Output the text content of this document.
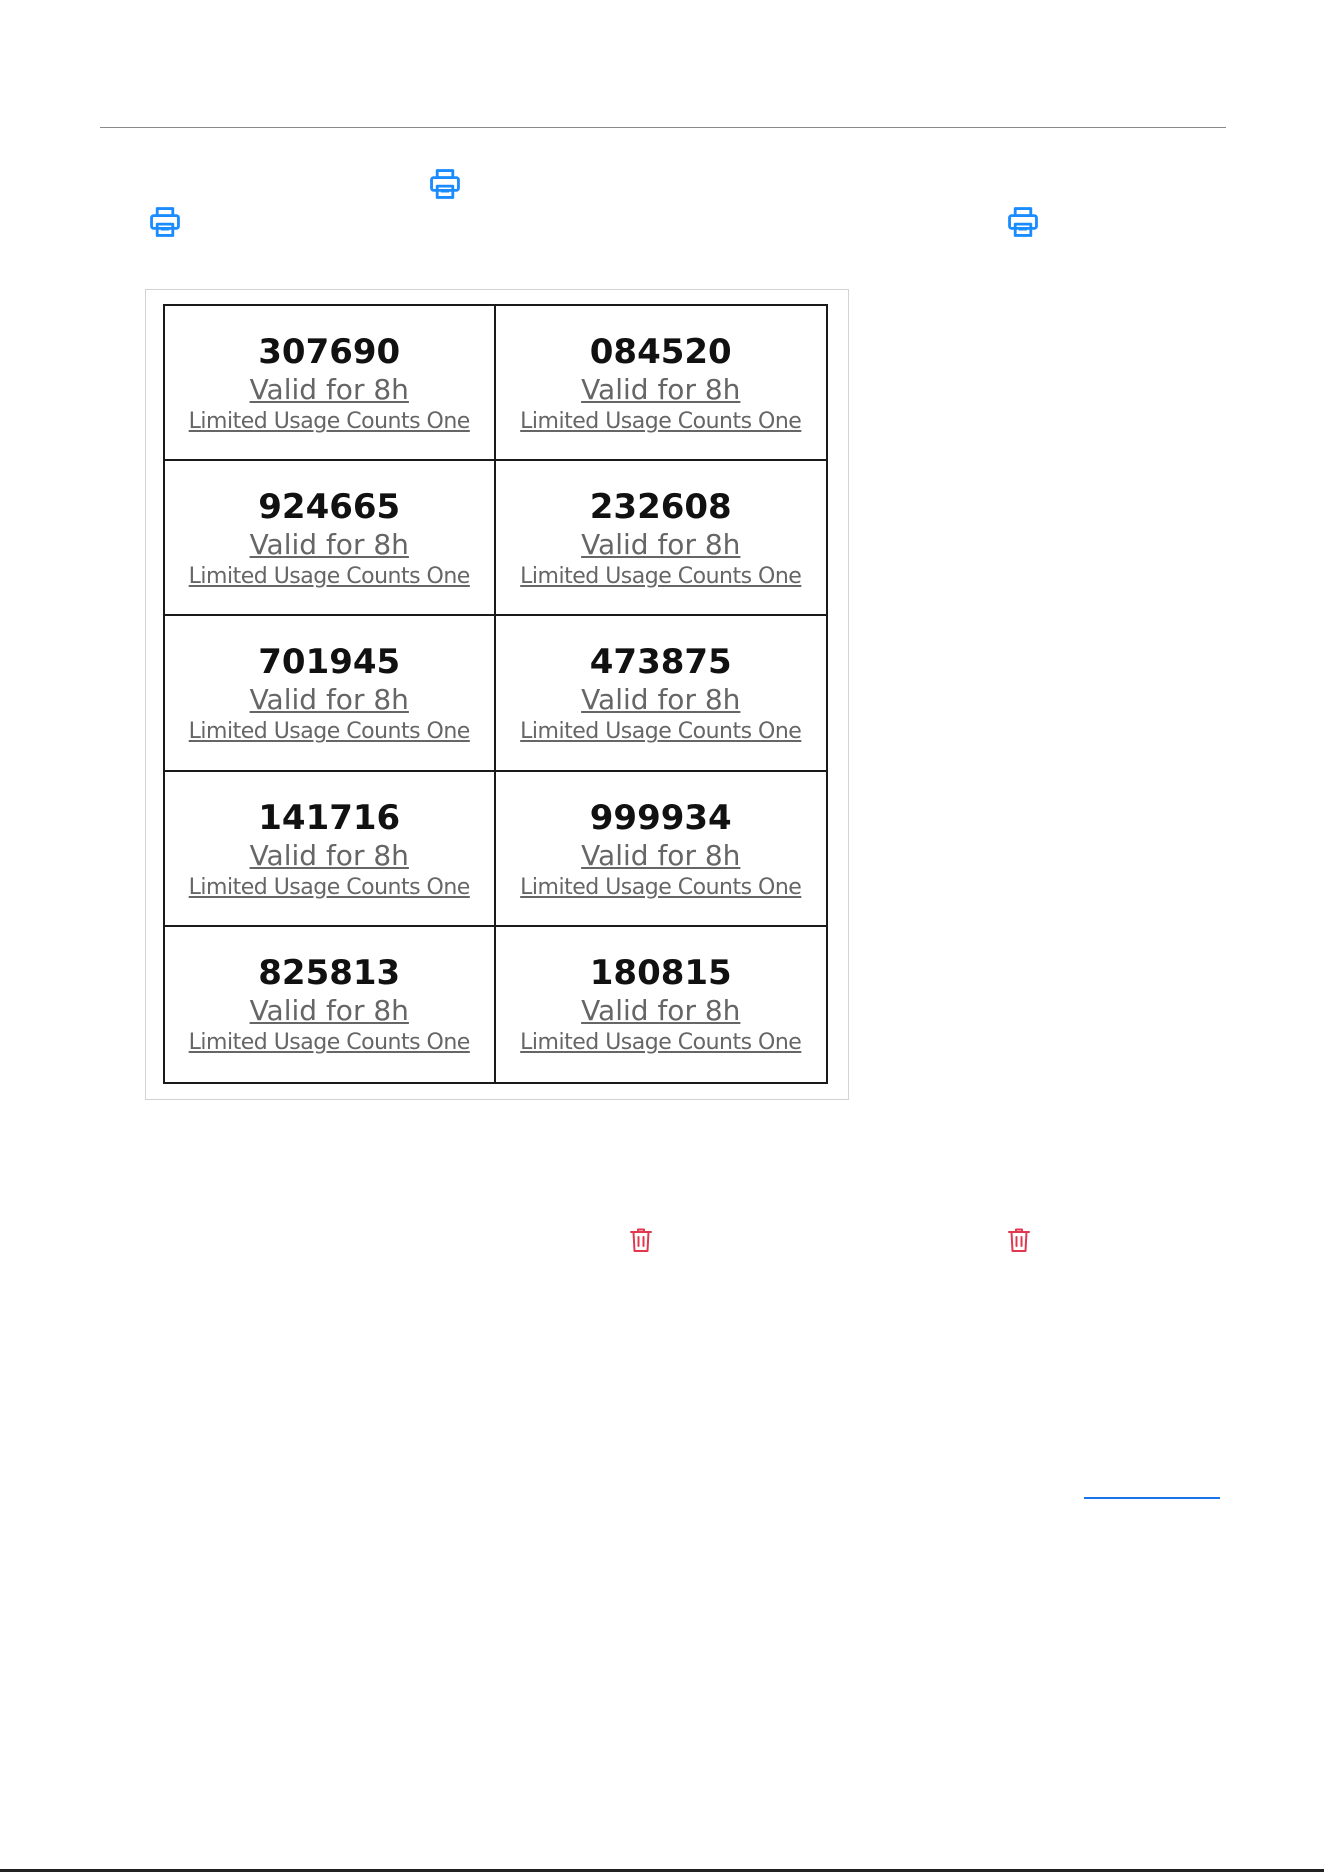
307690
Valid for 8h
Limited Usage Counts One
084520
Valid for 8h
Limited Usage Counts One
924665
Valid for 8h
Limited Usage Counts One
232608
Valid for 8h
Limited Usage Counts One
701945
Valid for 8h
Limited Usage Counts One
473875
Valid for 8h
Limited Usage Counts One
141716
Valid for 8h
Limited Usage Counts One
999934
Valid for 8h
Limited Usage Counts One
825813
Valid for 8h
Limited Usage Counts One
180815
Valid for 8h
Limited Usage Counts One
